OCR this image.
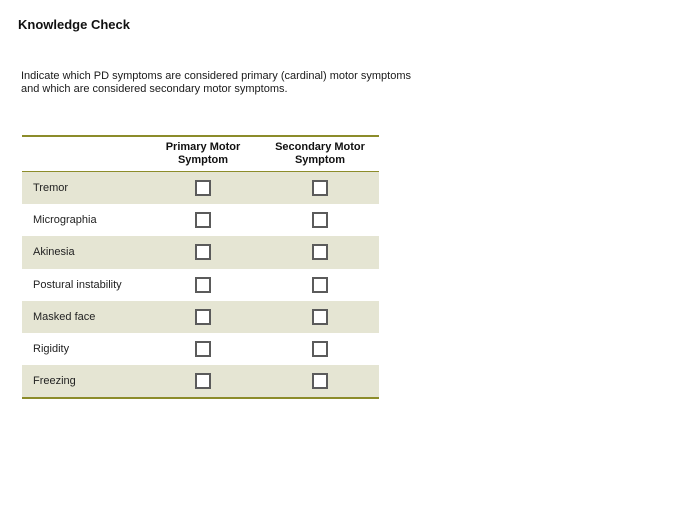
Knowledge Check
Indicate which PD symptoms are considered primary (cardinal) motor symptoms
and which are considered secondary motor symptoms.
Primary Motor
Symptom
Secondary Motor
Symptom
Tremor
Micrographia
Akinesia
Postural instability
Masked face
Rigidity
Freezing
